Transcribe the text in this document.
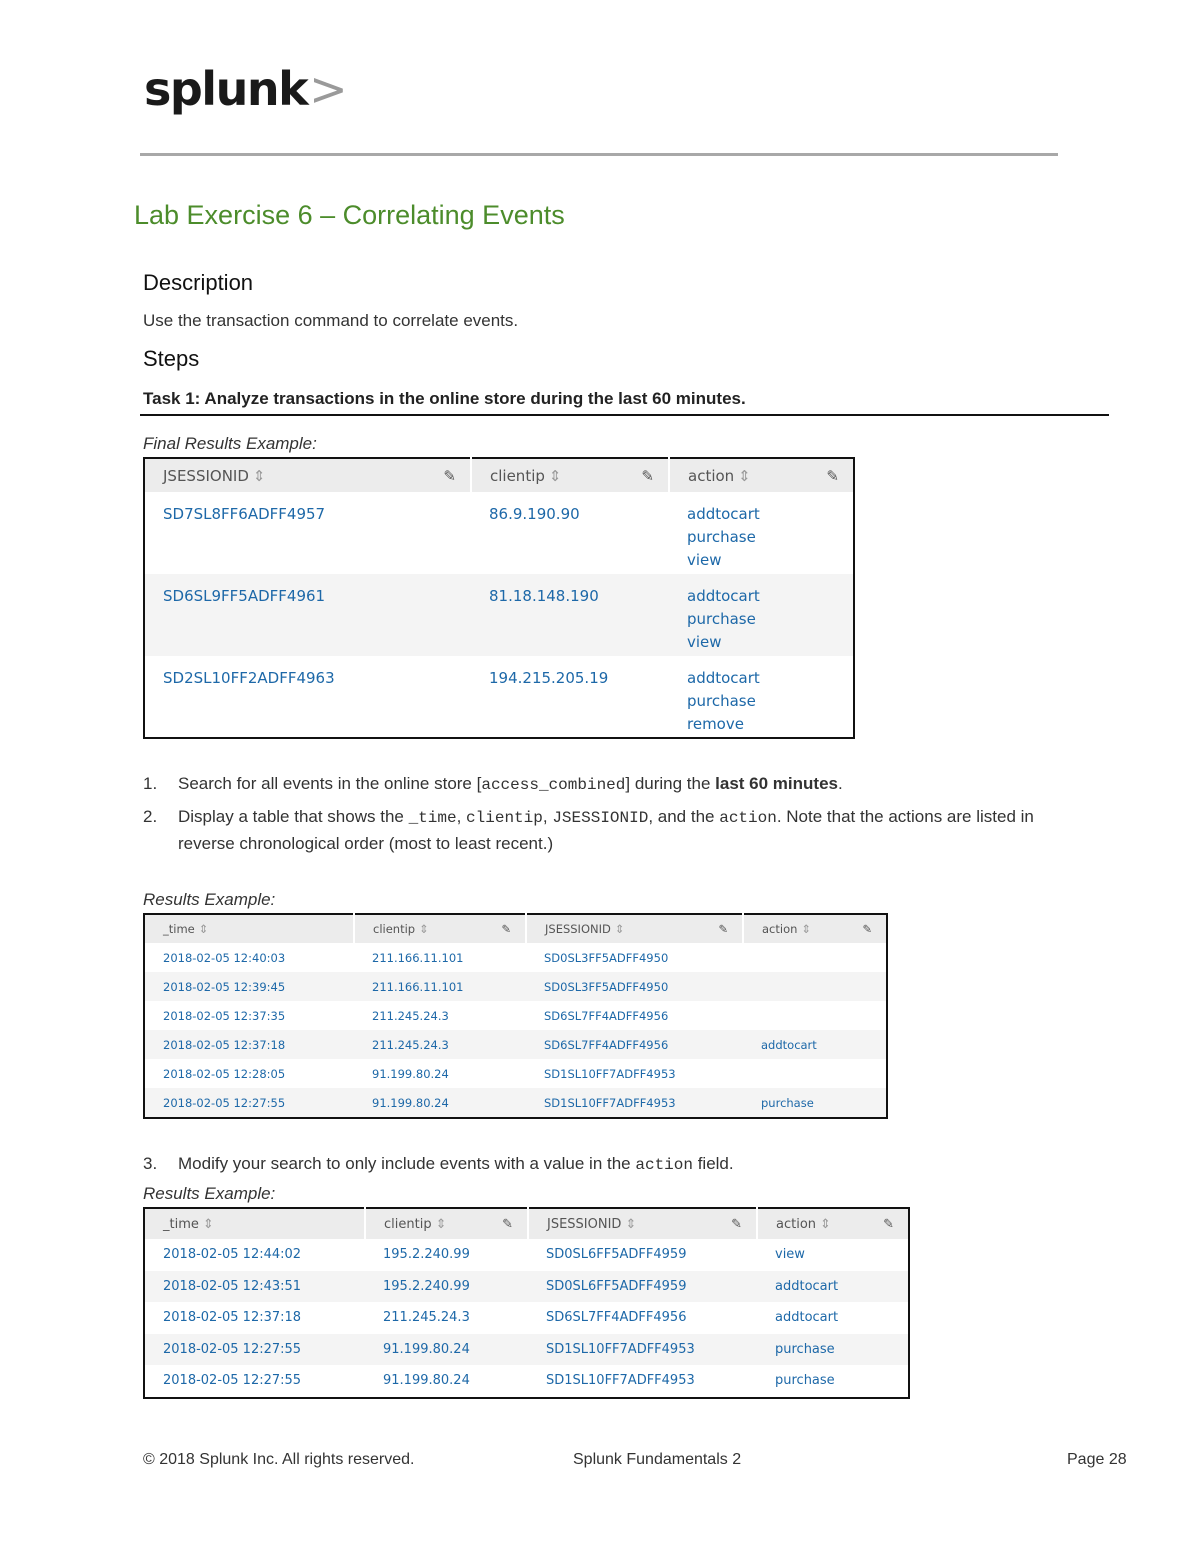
splunk>
Lab Exercise 6 – Correlating Events
Description
Use the transaction command to correlate events.
Steps
Task 1: Analyze transactions in the online store during the last 60 minutes.
Final Results Example:
JSESSIONID ⇕ ✎	clientip ⇕ ✎	action ⇕ ✎

SD7SL8FF6ADFF4957	86.9.190.90	addtocart
purchase
view

SD6SL9FF5ADFF4961	81.18.148.190	addtocart
purchase
view

SD2SL10FF2ADFF4963	194.215.205.19	addtocart
purchase
remove
1. Search for all events in the online store [access_combined] during the last 60 minutes.
2. Display a table that shows the _time, clientip, JSESSIONID, and the action. Note that the actions are listed in reverse chronological order (most to least recent.)
Results Example:
_time ⇕	clientip ⇕ ✎	JSESSIONID ⇕ ✎	action ⇕ ✎

2018-02-05 12:40:03	211.166.11.101	SD0SL3FF5ADFF4950	
2018-02-05 12:39:45	211.166.11.101	SD0SL3FF5ADFF4950	
2018-02-05 12:37:35	211.245.24.3	SD6SL7FF4ADFF4956	
2018-02-05 12:37:18	211.245.24.3	SD6SL7FF4ADFF4956	addtocart
2018-02-05 12:28:05	91.199.80.24	SD1SL10FF7ADFF4953	
2018-02-05 12:27:55	91.199.80.24	SD1SL10FF7ADFF4953	purchase
3. Modify your search to only include events with a value in the action field.
Results Example:
_time ⇕	clientip ⇕ ✎	JSESSIONID ⇕ ✎	action ⇕ ✎

2018-02-05 12:44:02	195.2.240.99	SD0SL6FF5ADFF4959	view
2018-02-05 12:43:51	195.2.240.99	SD0SL6FF5ADFF4959	addtocart
2018-02-05 12:37:18	211.245.24.3	SD6SL7FF4ADFF4956	addtocart
2018-02-05 12:27:55	91.199.80.24	SD1SL10FF7ADFF4953	purchase
2018-02-05 12:27:55	91.199.80.24	SD1SL10FF7ADFF4953	purchase
© 2018 Splunk Inc. All rights reserved.	Splunk Fundamentals 2	Page 28
